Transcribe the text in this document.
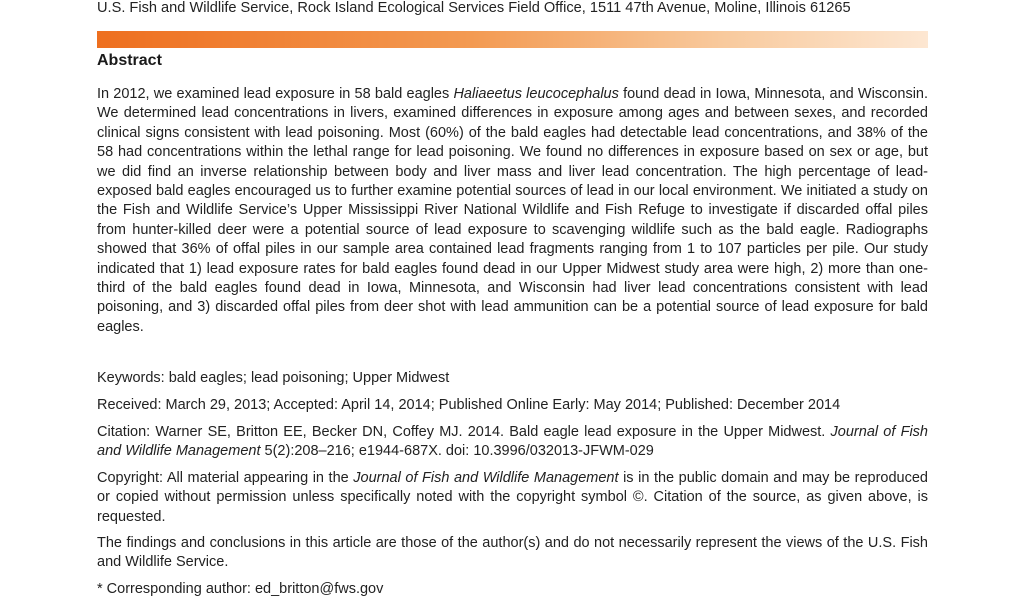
U.S. Fish and Wildlife Service, Rock Island Ecological Services Field Office, 1511 47th Avenue, Moline, Illinois 61265
Abstract

In 2012, we examined lead exposure in 58 bald eagles Haliaeetus leucocephalus found dead in Iowa, Minnesota, and Wisconsin. We determined lead concentrations in livers, examined differences in exposure among ages and between sexes, and recorded clinical signs consistent with lead poisoning. Most (60%) of the bald eagles had detectable lead concentrations, and 38% of the 58 had concentrations within the lethal range for lead poisoning. We found no differences in exposure based on sex or age, but we did find an inverse relationship between body and liver mass and liver lead concentration. The high percentage of lead-exposed bald eagles encouraged us to further examine potential sources of lead in our local environment. We initiated a study on the Fish and Wildlife Service’s Upper Mississippi River National Wildlife and Fish Refuge to investigate if discarded offal piles from hunter-killed deer were a potential source of lead exposure to scavenging wildlife such as the bald eagle. Radiographs showed that 36% of offal piles in our sample area contained lead fragments ranging from 1 to 107 particles per pile. Our study indicated that 1) lead exposure rates for bald eagles found dead in our Upper Midwest study area were high, 2) more than one-third of the bald eagles found dead in Iowa, Minnesota, and Wisconsin had liver lead concentrations consistent with lead poisoning, and 3) discarded offal piles from deer shot with lead ammunition can be a potential source of lead exposure for bald eagles.

Keywords: bald eagles; lead poisoning; Upper Midwest

Received: March 29, 2013; Accepted: April 14, 2014; Published Online Early: May 2014; Published: December 2014

Citation: Warner SE, Britton EE, Becker DN, Coffey MJ. 2014. Bald eagle lead exposure in the Upper Midwest. Journal of Fish and Wildlife Management 5(2):208–216; e1944-687X. doi: 10.3996/032013-JFWM-029

Copyright: All material appearing in the Journal of Fish and Wildlife Management is in the public domain and may be reproduced or copied without permission unless specifically noted with the copyright symbol ©. Citation of the source, as given above, is requested.

The findings and conclusions in this article are those of the author(s) and do not necessarily represent the views of the U.S. Fish and Wildlife Service.

* Corresponding author: ed_britton@fws.gov
